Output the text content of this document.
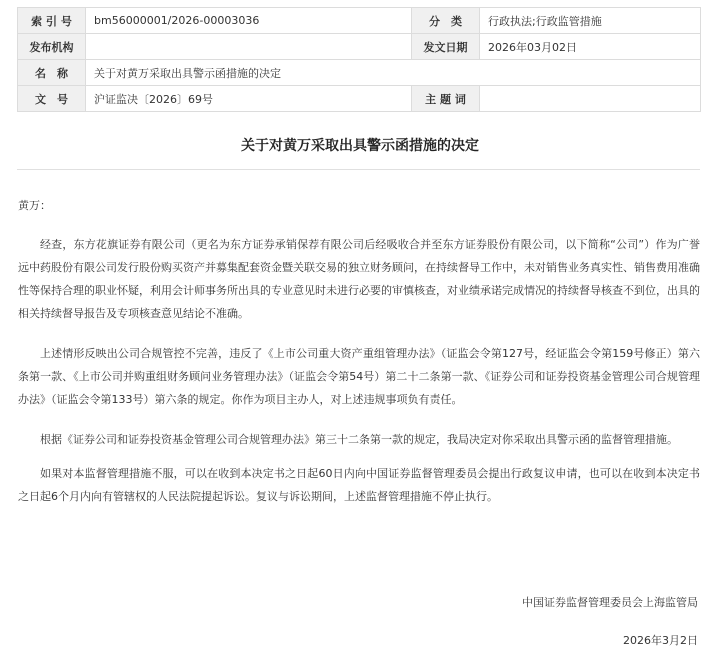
索 引 号	bm56000001/2026-00003036	分　类	行政执法;行政监管措施
发布机构		发文日期	2026年03月02日
名　称	关于对黄万采取出具警示函措施的决定		
文　号	沪证监决〔2026〕69号	主 题 词	
关于对黄万采取出具警示函措施的决定

黄万：

经查，东方花旗证券有限公司（更名为东方证券承销保荐有限公司后经吸收合并至东方证券股份有限公司，以下简称“公司”）作为广誉远中药股份有限公司发行股份购买资产并募集配套资金暨关联交易的独立财务顾问，在持续督导工作中，未对销售业务真实性、销售费用准确性等保持合理的职业怀疑，利用会计师事务所出具的专业意见时未进行必要的审慎核查，对业绩承诺完成情况的持续督导核查不到位，出具的相关持续督导报告及专项核查意见结论不准确。

上述情形反映出公司合规管控不完善，违反了《上市公司重大资产重组管理办法》（证监会令第127号，经证监会令第159号修正）第六条第一款、《上市公司并购重组财务顾问业务管理办法》（证监会令第54号）第二十二条第一款、《证券公司和证券投资基金管理公司合规管理办法》（证监会令第133号）第六条的规定。你作为项目主办人，对上述违规事项负有责任。

根据《证券公司和证券投资基金管理公司合规管理办法》第三十二条第一款的规定，我局决定对你采取出具警示函的监督管理措施。

如果对本监督管理措施不服，可以在收到本决定书之日起60日内向中国证券监督管理委员会提出行政复议申请，也可以在收到本决定书之日起6个月内向有管辖权的人民法院提起诉讼。复议与诉讼期间，上述监督管理措施不停止执行。

中国证券监督管理委员会上海监管局

2026年3月2日
